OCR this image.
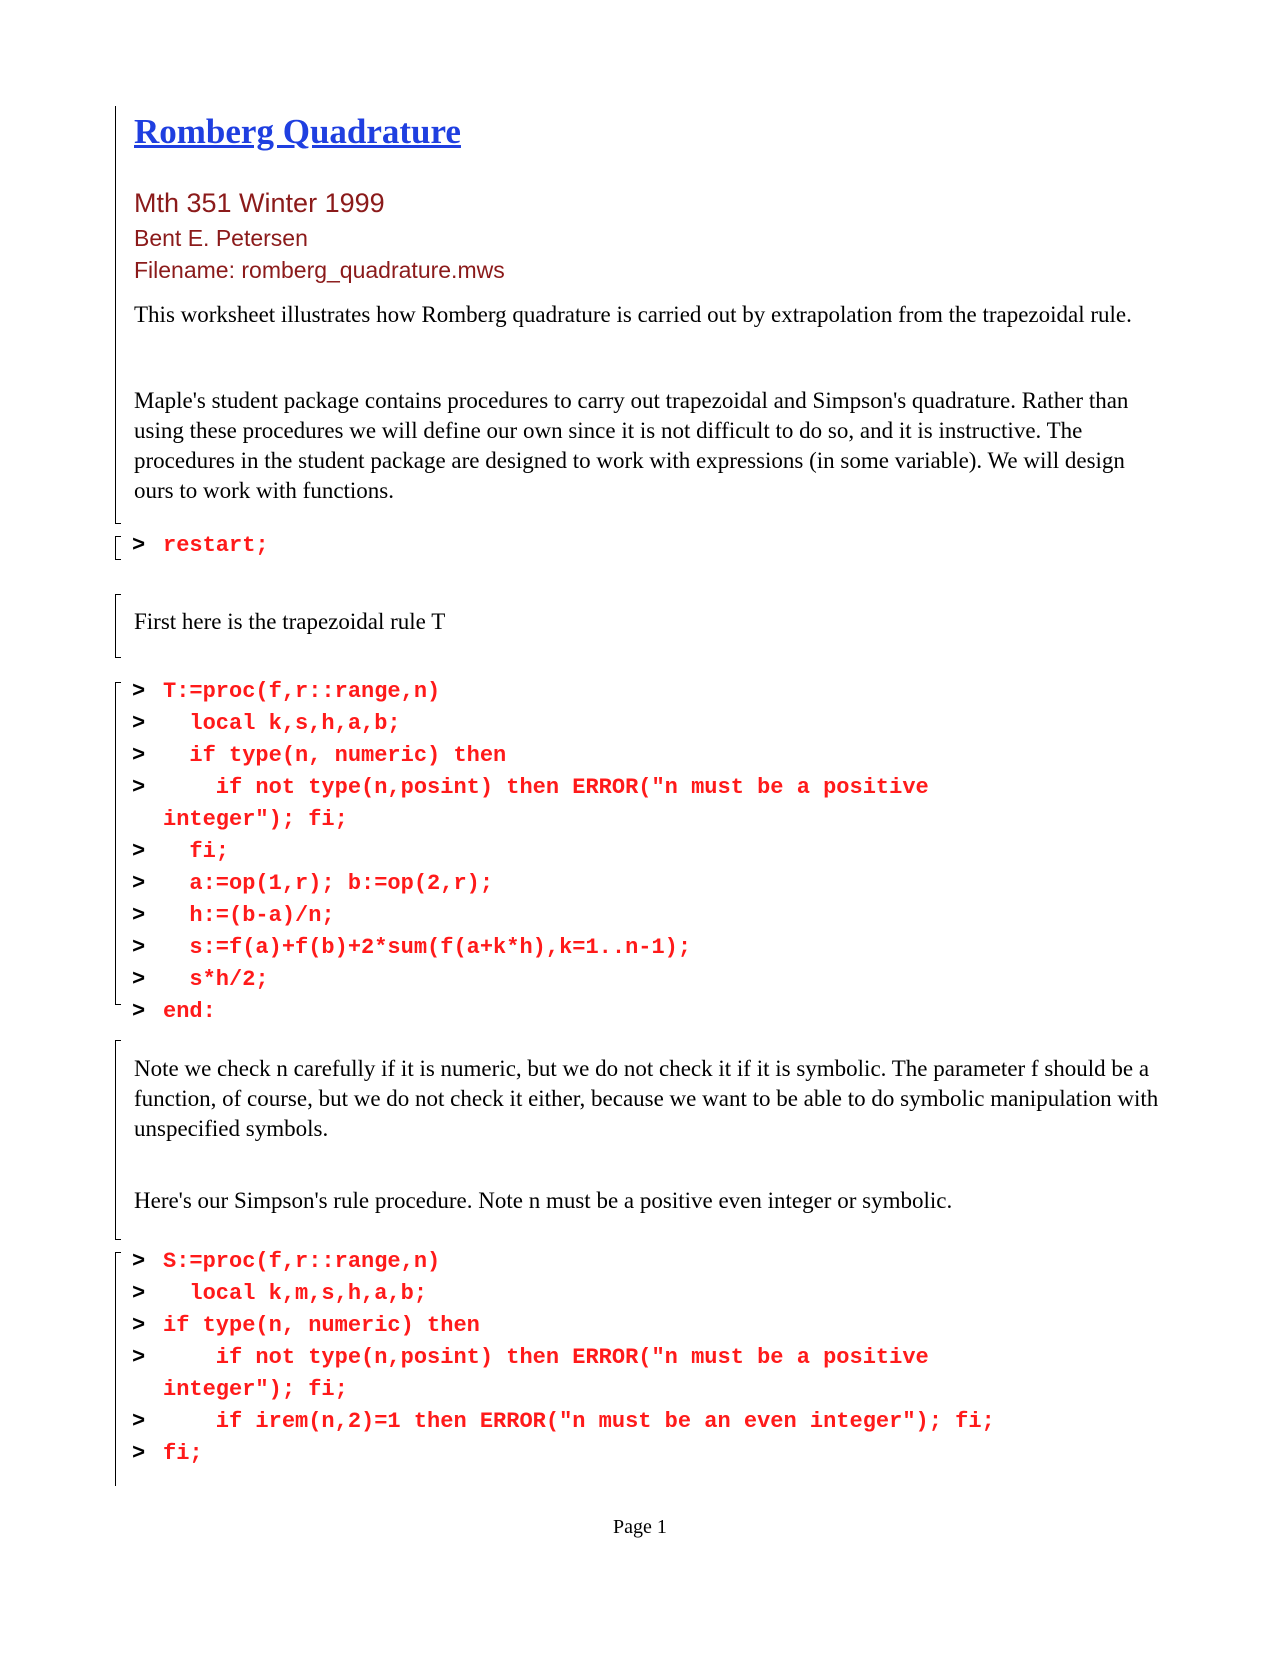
Romberg Quadrature
Mth 351 Winter 1999
Bent E. Petersen
Filename: romberg_quadrature.mws
This worksheet illustrates how Romberg quadrature is carried out by extrapolation from the trapezoidal rule.
Maple's student package contains procedures to carry out trapezoidal and Simpson's quadrature. Rather than using these procedures we will define our own since it is not difficult to do so, and it is instructive. The procedures in the student package are designed to work with expressions (in some variable). We will design ours to work with functions.
> restart;
First here is the trapezoidal rule T
> T:=proc(f,r::range,n)
> local k,s,h,a,b;
> if type(n, numeric) then
> if not type(n,posint) then ERROR("n must be a positive
integer"); fi;
> fi;
> a:=op(1,r); b:=op(2,r);
> h:=(b-a)/n;
> s:=f(a)+f(b)+2*sum(f(a+k*h),k=1..n-1);
> s*h/2;
> end:
Note we check n carefully if it is numeric, but we do not check it if it is symbolic. The parameter f should be a function, of course, but we do not check it either, because we want to be able to do symbolic manipulation with unspecified symbols.
Here's our Simpson's rule procedure. Note n must be a positive even integer or symbolic.
> S:=proc(f,r::range,n)
> local k,m,s,h,a,b;
> if type(n, numeric) then
> if not type(n,posint) then ERROR("n must be a positive
integer"); fi;
> if irem(n,2)=1 then ERROR("n must be an even integer"); fi;
> fi;
Page 1
